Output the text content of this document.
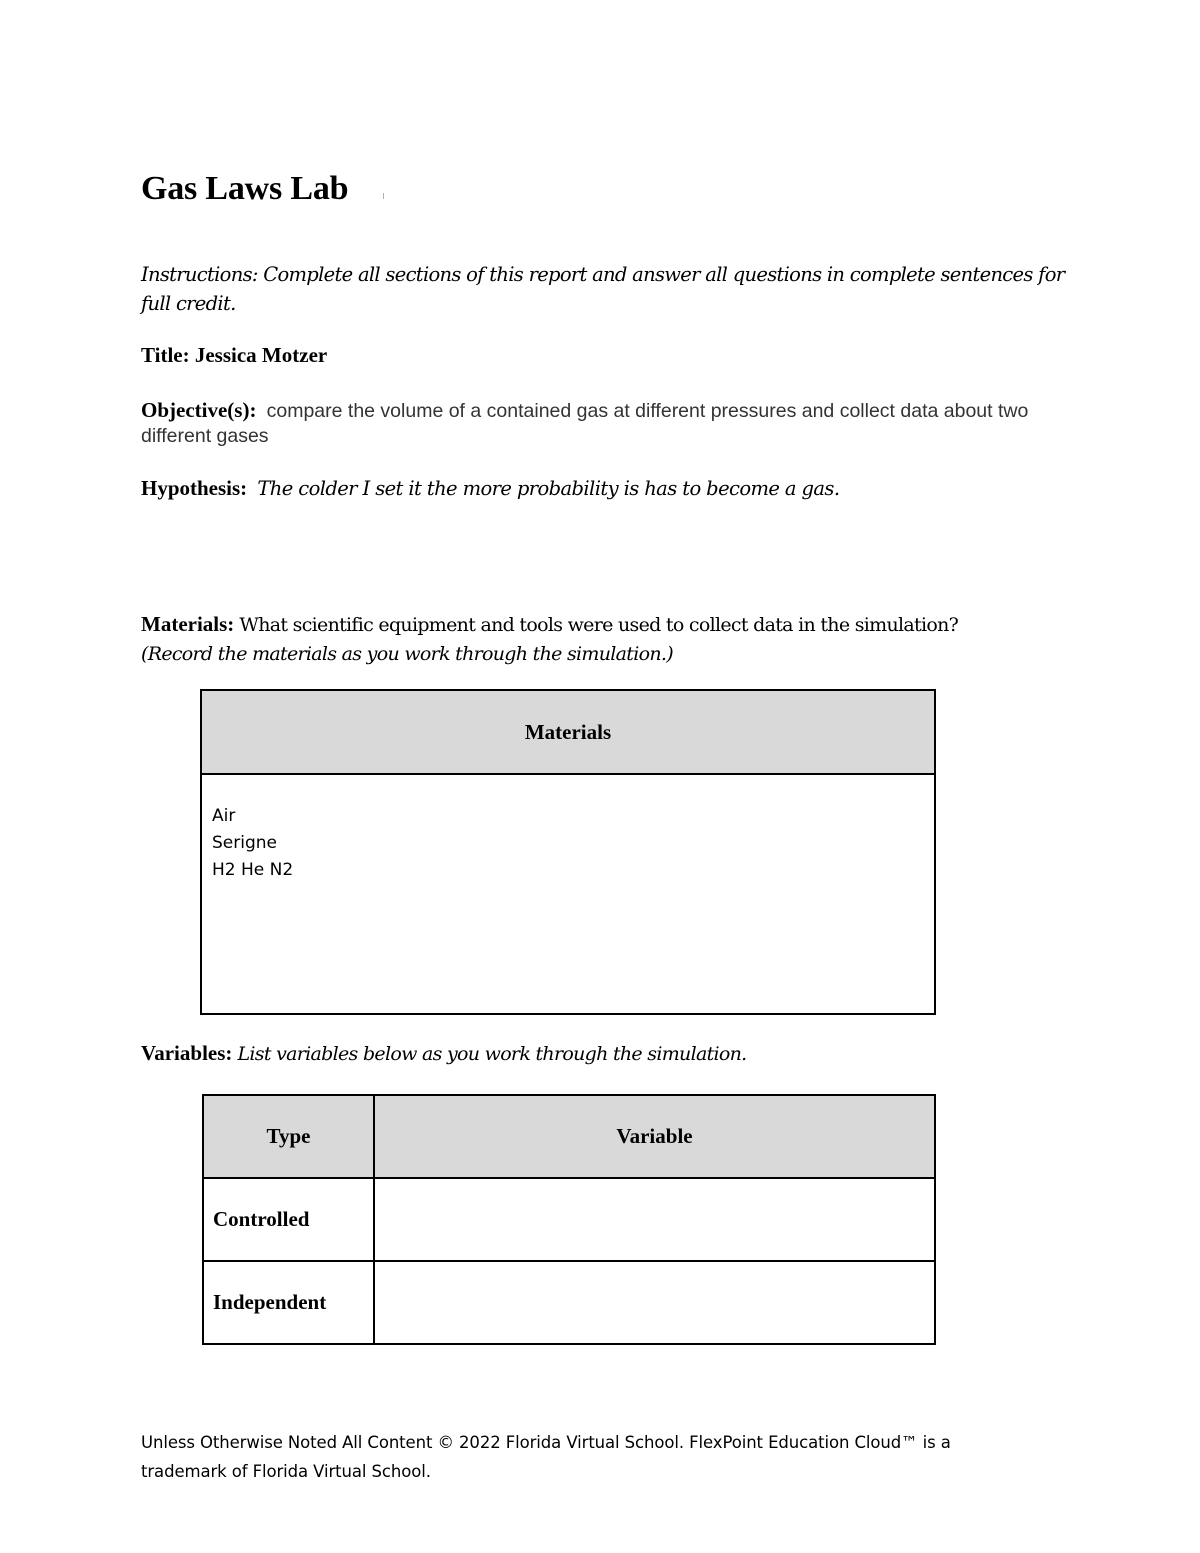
Gas Laws Lab
Instructions: Complete all sections of this report and answer all questions in complete sentences for full credit.
Title: Jessica Motzer
Objective(s): compare the volume of a contained gas at different pressures and collect data about two different gases
Hypothesis: The colder I set it the more probability is has to become a gas.
Materials: What scientific equipment and tools were used to collect data in the simulation?
(Record the materials as you work through the simulation.)
Materials

Air
Serigne
H2 He N2
Variables: List variables below as you work through the simulation.
Type	Variable
Controlled	
Independent	
Unless Otherwise Noted All Content © 2022 Florida Virtual School. FlexPoint Education Cloud™ is a
trademark of Florida Virtual School.
